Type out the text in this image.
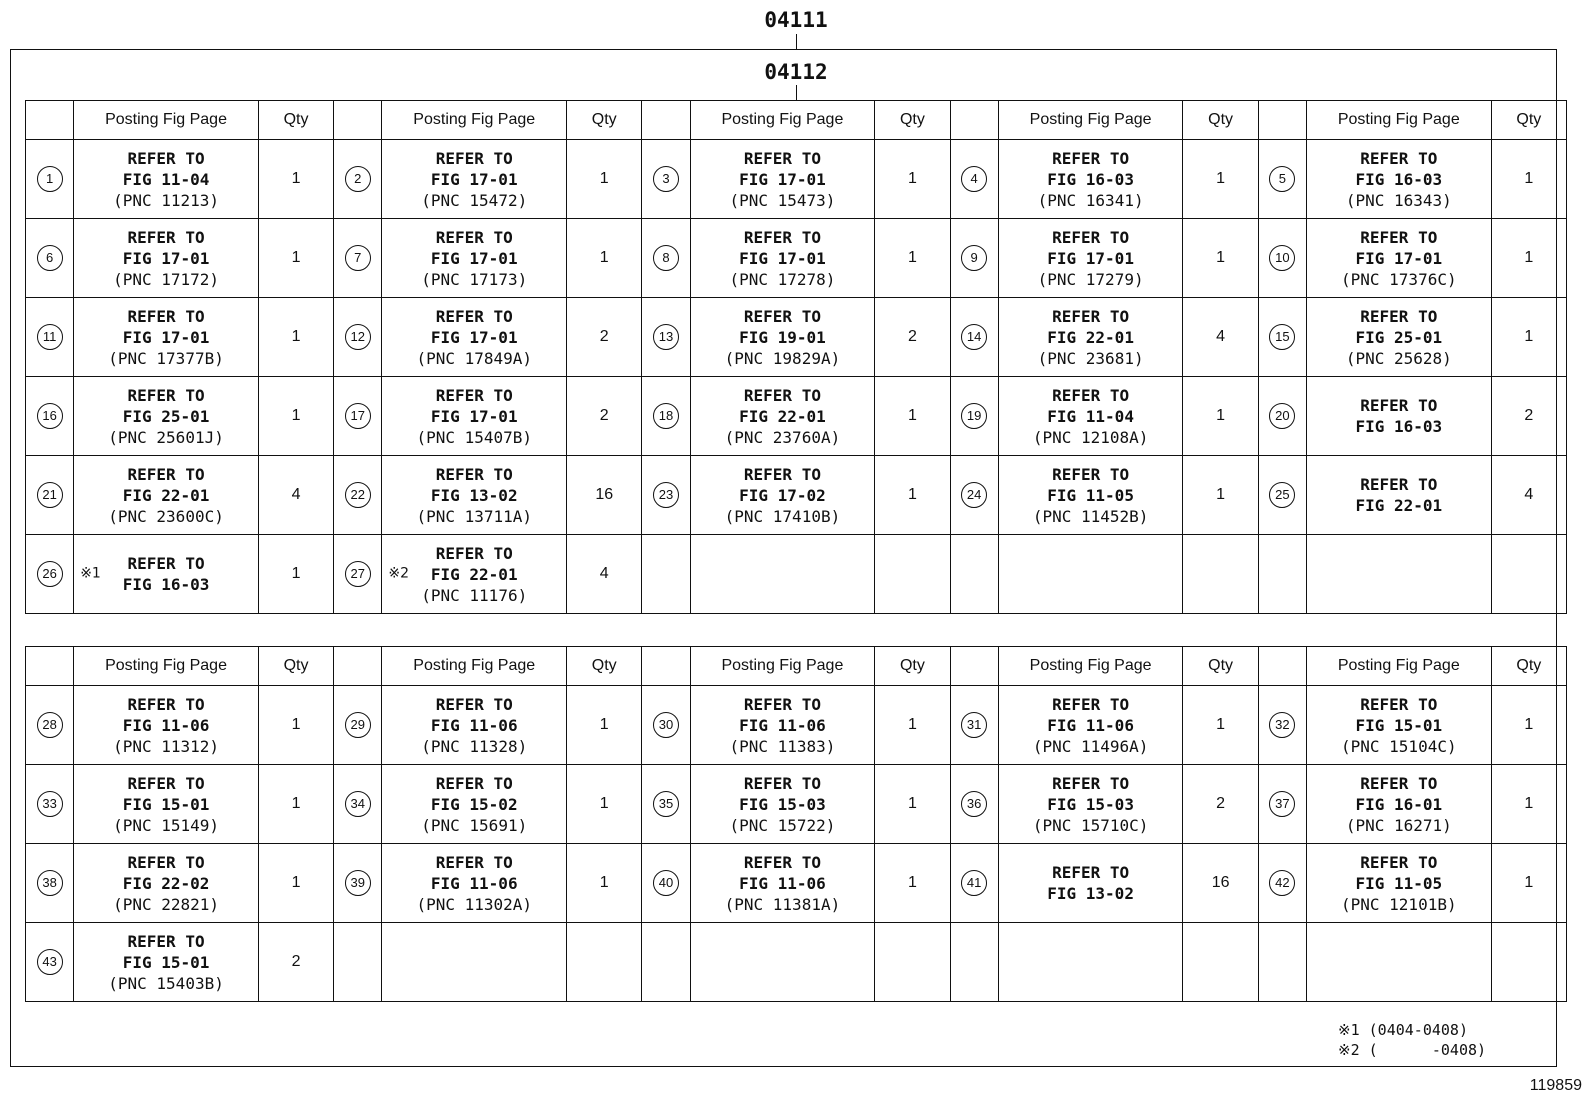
04111
04112
	Posting Fig Page	Qty		Posting Fig Page	Qty		Posting Fig Page	Qty		Posting Fig Page	Qty		Posting Fig Page	Qty
1	REFER TO
FIG 11-04
(PNC 11213)	1	2	REFER TO
FIG 17-01
(PNC 15472)	1	3	REFER TO
FIG 17-01
(PNC 15473)	1	4	REFER TO
FIG 16-03
(PNC 16341)	1	5	REFER TO
FIG 16-03
(PNC 16343)	1
6	REFER TO
FIG 17-01
(PNC 17172)	1	7	REFER TO
FIG 17-01
(PNC 17173)	1	8	REFER TO
FIG 17-01
(PNC 17278)	1	9	REFER TO
FIG 17-01
(PNC 17279)	1	10	REFER TO
FIG 17-01
(PNC 17376C)	1
11	REFER TO
FIG 17-01
(PNC 17377B)	1	12	REFER TO
FIG 17-01
(PNC 17849A)	2	13	REFER TO
FIG 19-01
(PNC 19829A)	2	14	REFER TO
FIG 22-01
(PNC 23681)	4	15	REFER TO
FIG 25-01
(PNC 25628)	1
16	REFER TO
FIG 25-01
(PNC 25601J)	1	17	REFER TO
FIG 17-01
(PNC 15407B)	2	18	REFER TO
FIG 22-01
(PNC 23760A)	1	19	REFER TO
FIG 11-04
(PNC 12108A)	1	20	REFER TO
FIG 16-03	2
21	REFER TO
FIG 22-01
(PNC 23600C)	4	22	REFER TO
FIG 13-02
(PNC 13711A)	16	23	REFER TO
FIG 17-02
(PNC 17410B)	1	24	REFER TO
FIG 11-05
(PNC 11452B)	1	25	REFER TO
FIG 22-01	4
26	※1
REFER TO
FIG 16-03	1	27	※2
REFER TO
FIG 22-01
(PNC 11176)	4									
	Posting Fig Page	Qty		Posting Fig Page	Qty		Posting Fig Page	Qty		Posting Fig Page	Qty		Posting Fig Page	Qty
28	REFER TO
FIG 11-06
(PNC 11312)	1	29	REFER TO
FIG 11-06
(PNC 11328)	1	30	REFER TO
FIG 11-06
(PNC 11383)	1	31	REFER TO
FIG 11-06
(PNC 11496A)	1	32	REFER TO
FIG 15-01
(PNC 15104C)	1
33	REFER TO
FIG 15-01
(PNC 15149)	1	34	REFER TO
FIG 15-02
(PNC 15691)	1	35	REFER TO
FIG 15-03
(PNC 15722)	1	36	REFER TO
FIG 15-03
(PNC 15710C)	2	37	REFER TO
FIG 16-01
(PNC 16271)	1
38	REFER TO
FIG 22-02
(PNC 22821)	1	39	REFER TO
FIG 11-06
(PNC 11302A)	1	40	REFER TO
FIG 11-06
(PNC 11381A)	1	41	REFER TO
FIG 13-02	16	42	REFER TO
FIG 11-05
(PNC 12101B)	1
43	REFER TO
FIG 15-01
(PNC 15403B)	2												
※1 (0404-0408)
※2 (      -0408)
119859
